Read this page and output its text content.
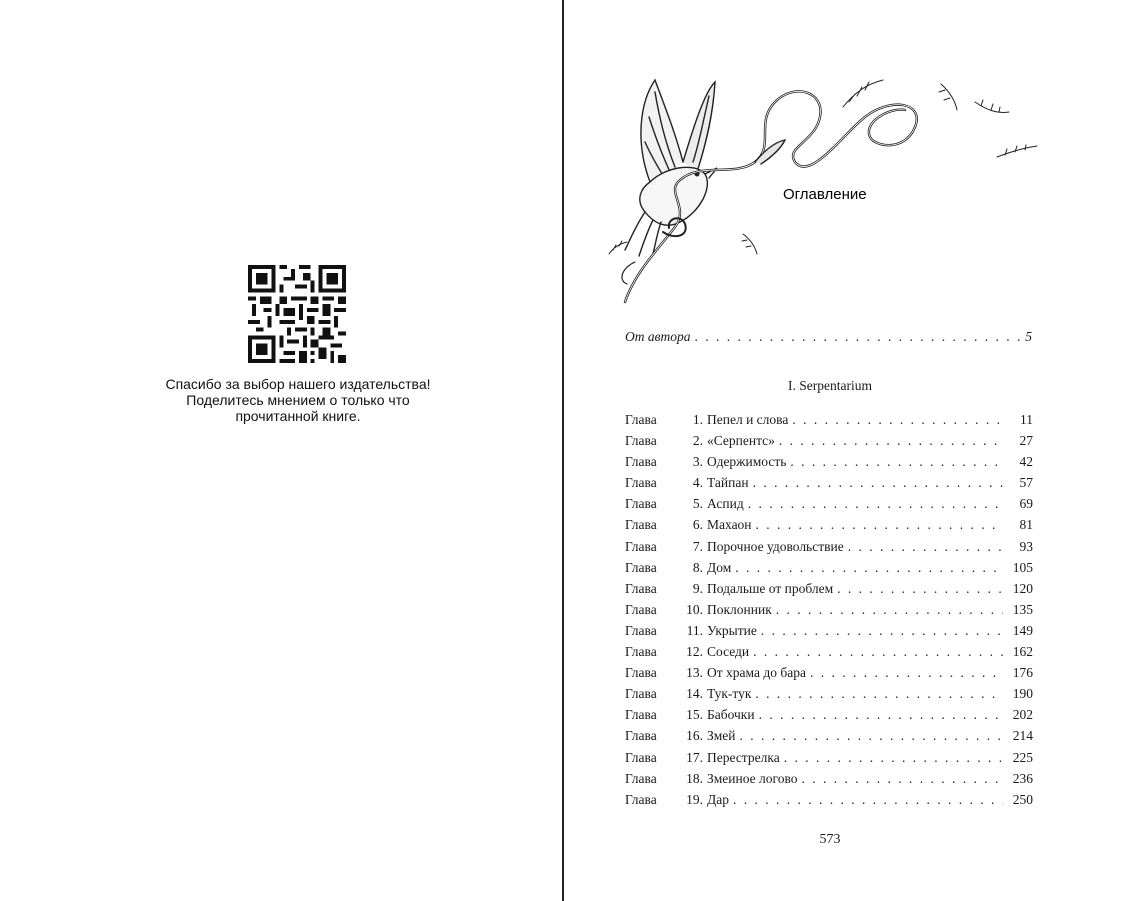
Спасибо за выбор нашего издательства!
Поделитесь мнением о только что
прочитанной книге.
Оглавление
От автора . . .	5
I. Serpentarium
Глава	1. Пепел и слова . . .	11
Глава	2. «Серпентс» . . .	27
Глава	3. Одержимость . . .	42
Глава	4. Тайпан . . .	57
Глава	5. Аспид . . .	69
Глава	6. Махаон . . .	81
Глава	7. Порочное удовольствие . . .	93
Глава	8. Дом . . .	105
Глава	9. Подальше от проблем . . .	120
Глава	10. Поклонник . . .	135
Глава	11. Укрытие . . .	149
Глава	12. Соседи . . .	162
Глава	13. От храма до бара . . .	176
Глава	14. Тук-тук . . .	190
Глава	15. Бабочки . . .	202
Глава	16. Змей . . .	214
Глава	17. Перестрелка . . .	225
Глава	18. Змеиное логово . . .	236
Глава	19. Дар . . .	250
573
